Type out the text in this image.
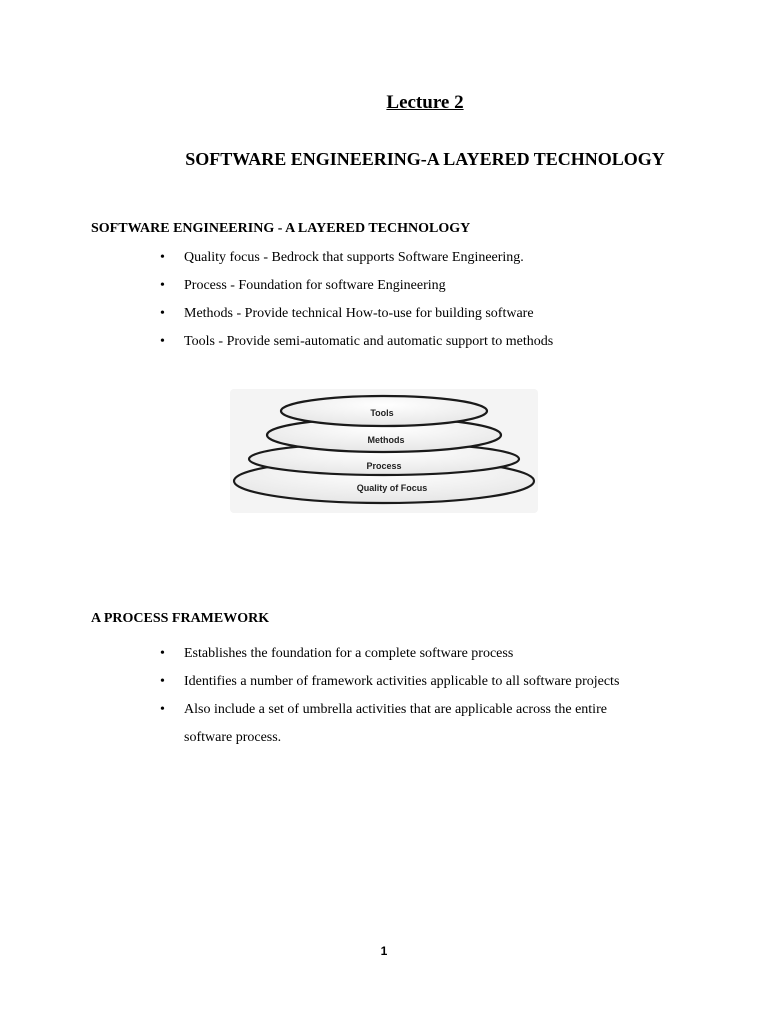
Lecture 2
SOFTWARE ENGINEERING-A LAYERED TECHNOLOGY
SOFTWARE ENGINEERING - A LAYERED TECHNOLOGY
• Quality focus - Bedrock that supports Software Engineering.
• Process - Foundation for software Engineering
• Methods - Provide technical How-to-use for building software
• Tools - Provide semi-automatic and automatic support to methods
Tools
Methods
Process
Quality of Focus
A PROCESS FRAMEWORK
• Establishes the foundation for a complete software process
• Identifies a number of framework activities applicable to all software projects
• Also include a set of umbrella activities that are applicable across the entire software process.
1
